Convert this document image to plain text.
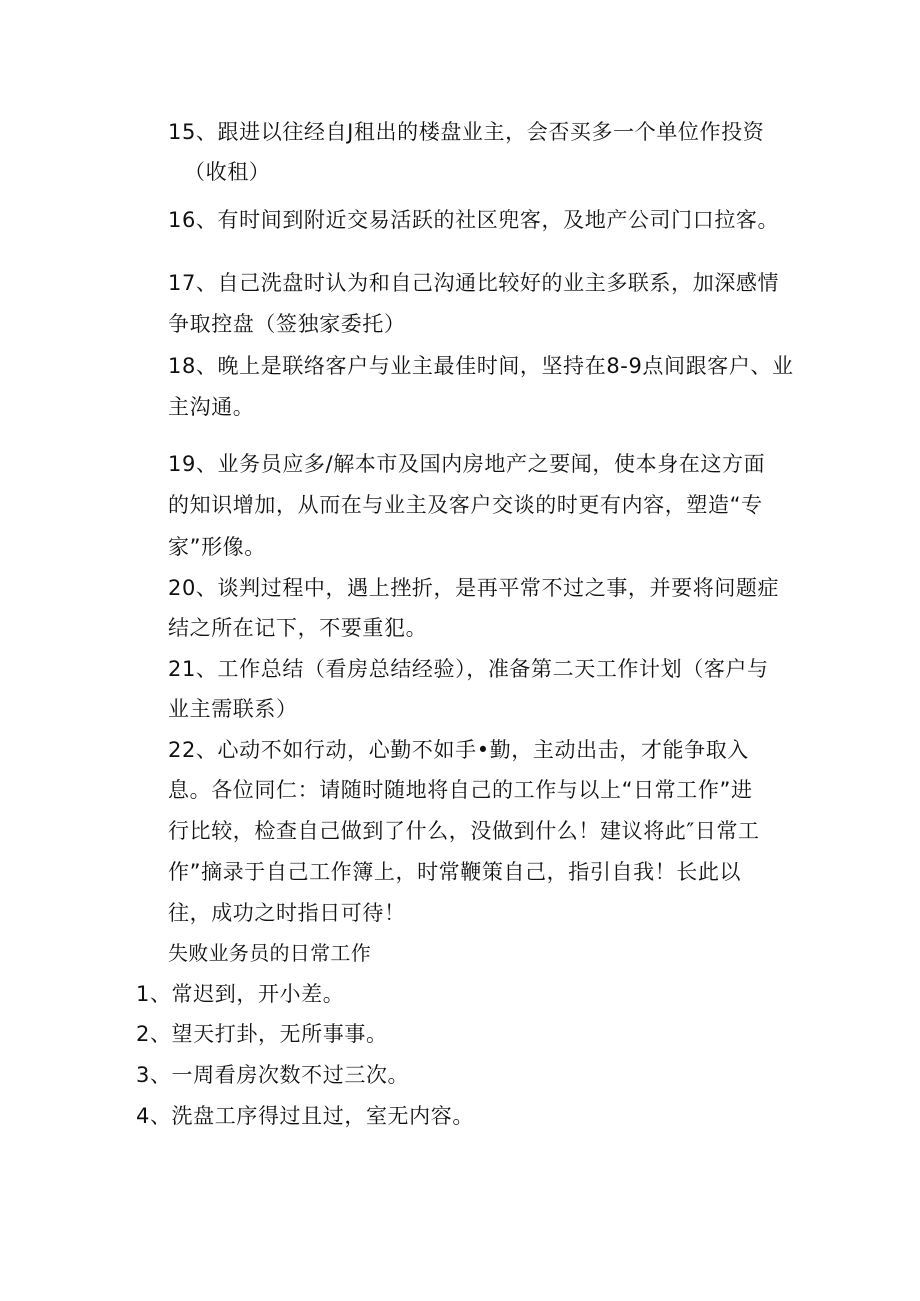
15、跟进以往经自J租出的楼盘业主，会否买多一个单位作投资
（收租）
16、有时间到附近交易活跃的社区兜客，及地产公司门口拉客。
17、自己洗盘时认为和自己沟通比较好的业主多联系，加深感情
争取控盘（签独家委托）
18、晚上是联络客户与业主最佳时间，坚持在8-9点间跟客户、业
主沟通。
19、业务员应多/解本市及国内房地产之要闻，使本身在这方面
的知识增加，从而在与业主及客户交谈的时更有内容，塑造“专
家”形像。
20、谈判过程中，遇上挫折，是再平常不过之事，并要将问题症
结之所在记下，不要重犯。
21、工作总结（看房总结经验），准备第二天工作计划（客户与
业主需联系）
22、心动不如行动，心勤不如手•勤，主动出击，才能争取入
息。各位同仁：请随时随地将自己的工作与以上“日常工作”进
行比较，检查自己做到了什么，没做到什么！建议将此″日常工
作”摘录于自己工作簿上，时常鞭策自己，指引自我！长此以
往，成功之时指日可待！
失败业务员的日常工作
1、常迟到，开小差。
2、望天打卦，无所事事。
3、一周看房次数不过三次。
4、洗盘工序得过且过，室无内容。
